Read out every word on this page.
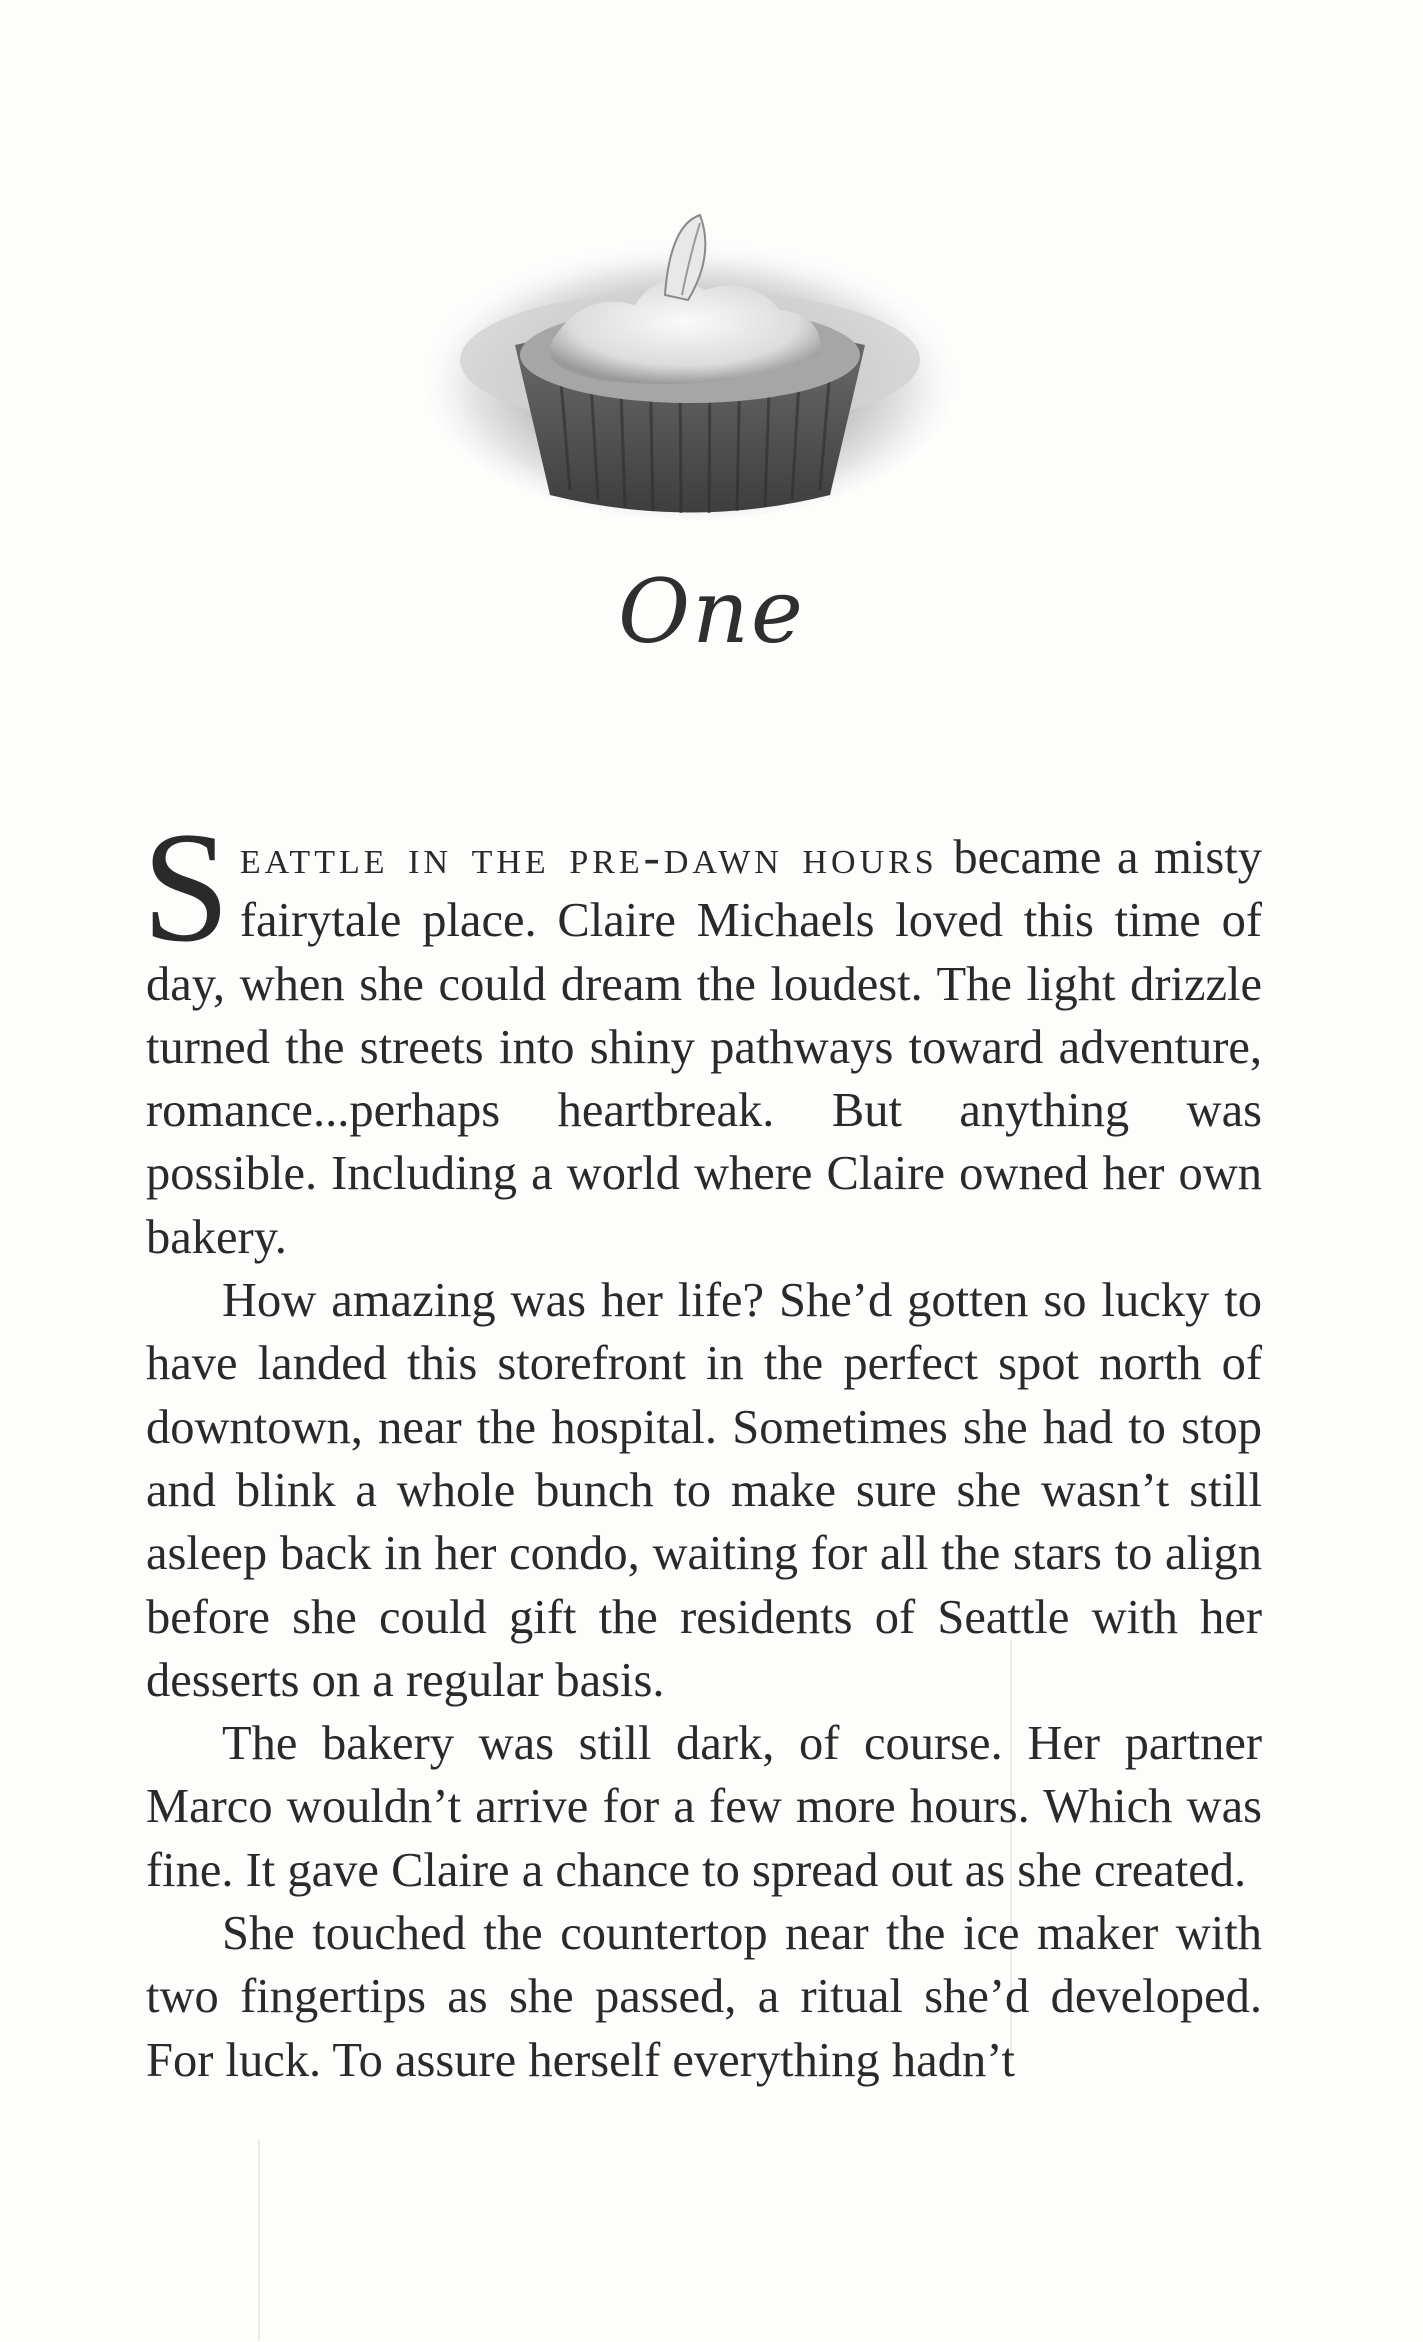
One

Seattle in the pre-dawn hours became a misty fairytale place. Claire Michaels loved this time of day, when she could dream the loudest. The light drizzle turned the streets into shiny pathways toward adventure, romance...perhaps heartbreak. But anything was possible. Including a world where Claire owned her own bakery.

How amazing was her life? She’d gotten so lucky to have landed this storefront in the perfect spot north of downtown, near the hospital. Sometimes she had to stop and blink a whole bunch to make sure she wasn’t still asleep back in her condo, waiting for all the stars to align before she could gift the residents of Seattle with her desserts on a regular basis.

The bakery was still dark, of course. Her partner Marco wouldn’t arrive for a few more hours. Which was fine. It gave Claire a chance to spread out as she created.

She touched the countertop near the ice maker with two fingertips as she passed, a ritual she’d developed. For luck. To assure herself everything hadn’t
